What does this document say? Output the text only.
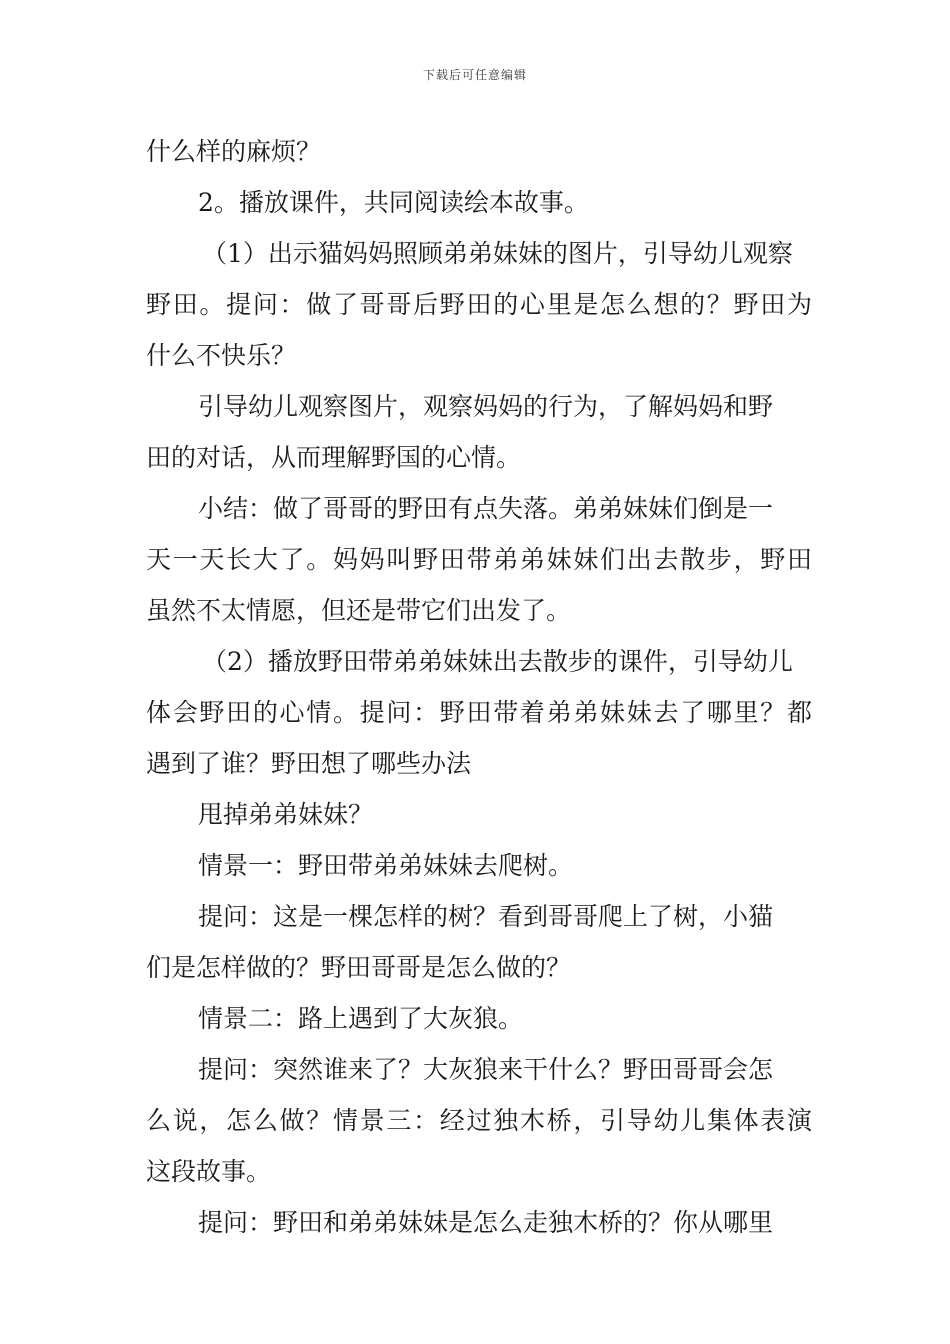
下载后可任意编辑
什么样的麻烦？
2。播放课件，共同阅读绘本故事。
（1）出示猫妈妈照顾弟弟妹妹的图片，引导幼儿观察
野田。提问：做了哥哥后野田的心里是怎么想的？野田为
什么不快乐？
引导幼儿观察图片，观察妈妈的行为，了解妈妈和野
田的对话，从而理解野国的心情。
小结：做了哥哥的野田有点失落。弟弟妹妹们倒是一
天一天长大了。妈妈叫野田带弟弟妹妹们出去散步，野田
虽然不太情愿，但还是带它们出发了。
（2）播放野田带弟弟妹妹出去散步的课件，引导幼儿
体会野田的心情。提问：野田带着弟弟妹妹去了哪里？都
遇到了谁？野田想了哪些办法
甩掉弟弟妹妹？
情景一：野田带弟弟妹妹去爬树。
提问：这是一棵怎样的树？看到哥哥爬上了树，小猫
们是怎样做的？野田哥哥是怎么做的？
情景二：路上遇到了大灰狼。
提问：突然谁来了？大灰狼来干什么？野田哥哥会怎
么说，怎么做？情景三：经过独木桥，引导幼儿集体表演
这段故事。
提问：野田和弟弟妹妹是怎么走独木桥的？你从哪里
